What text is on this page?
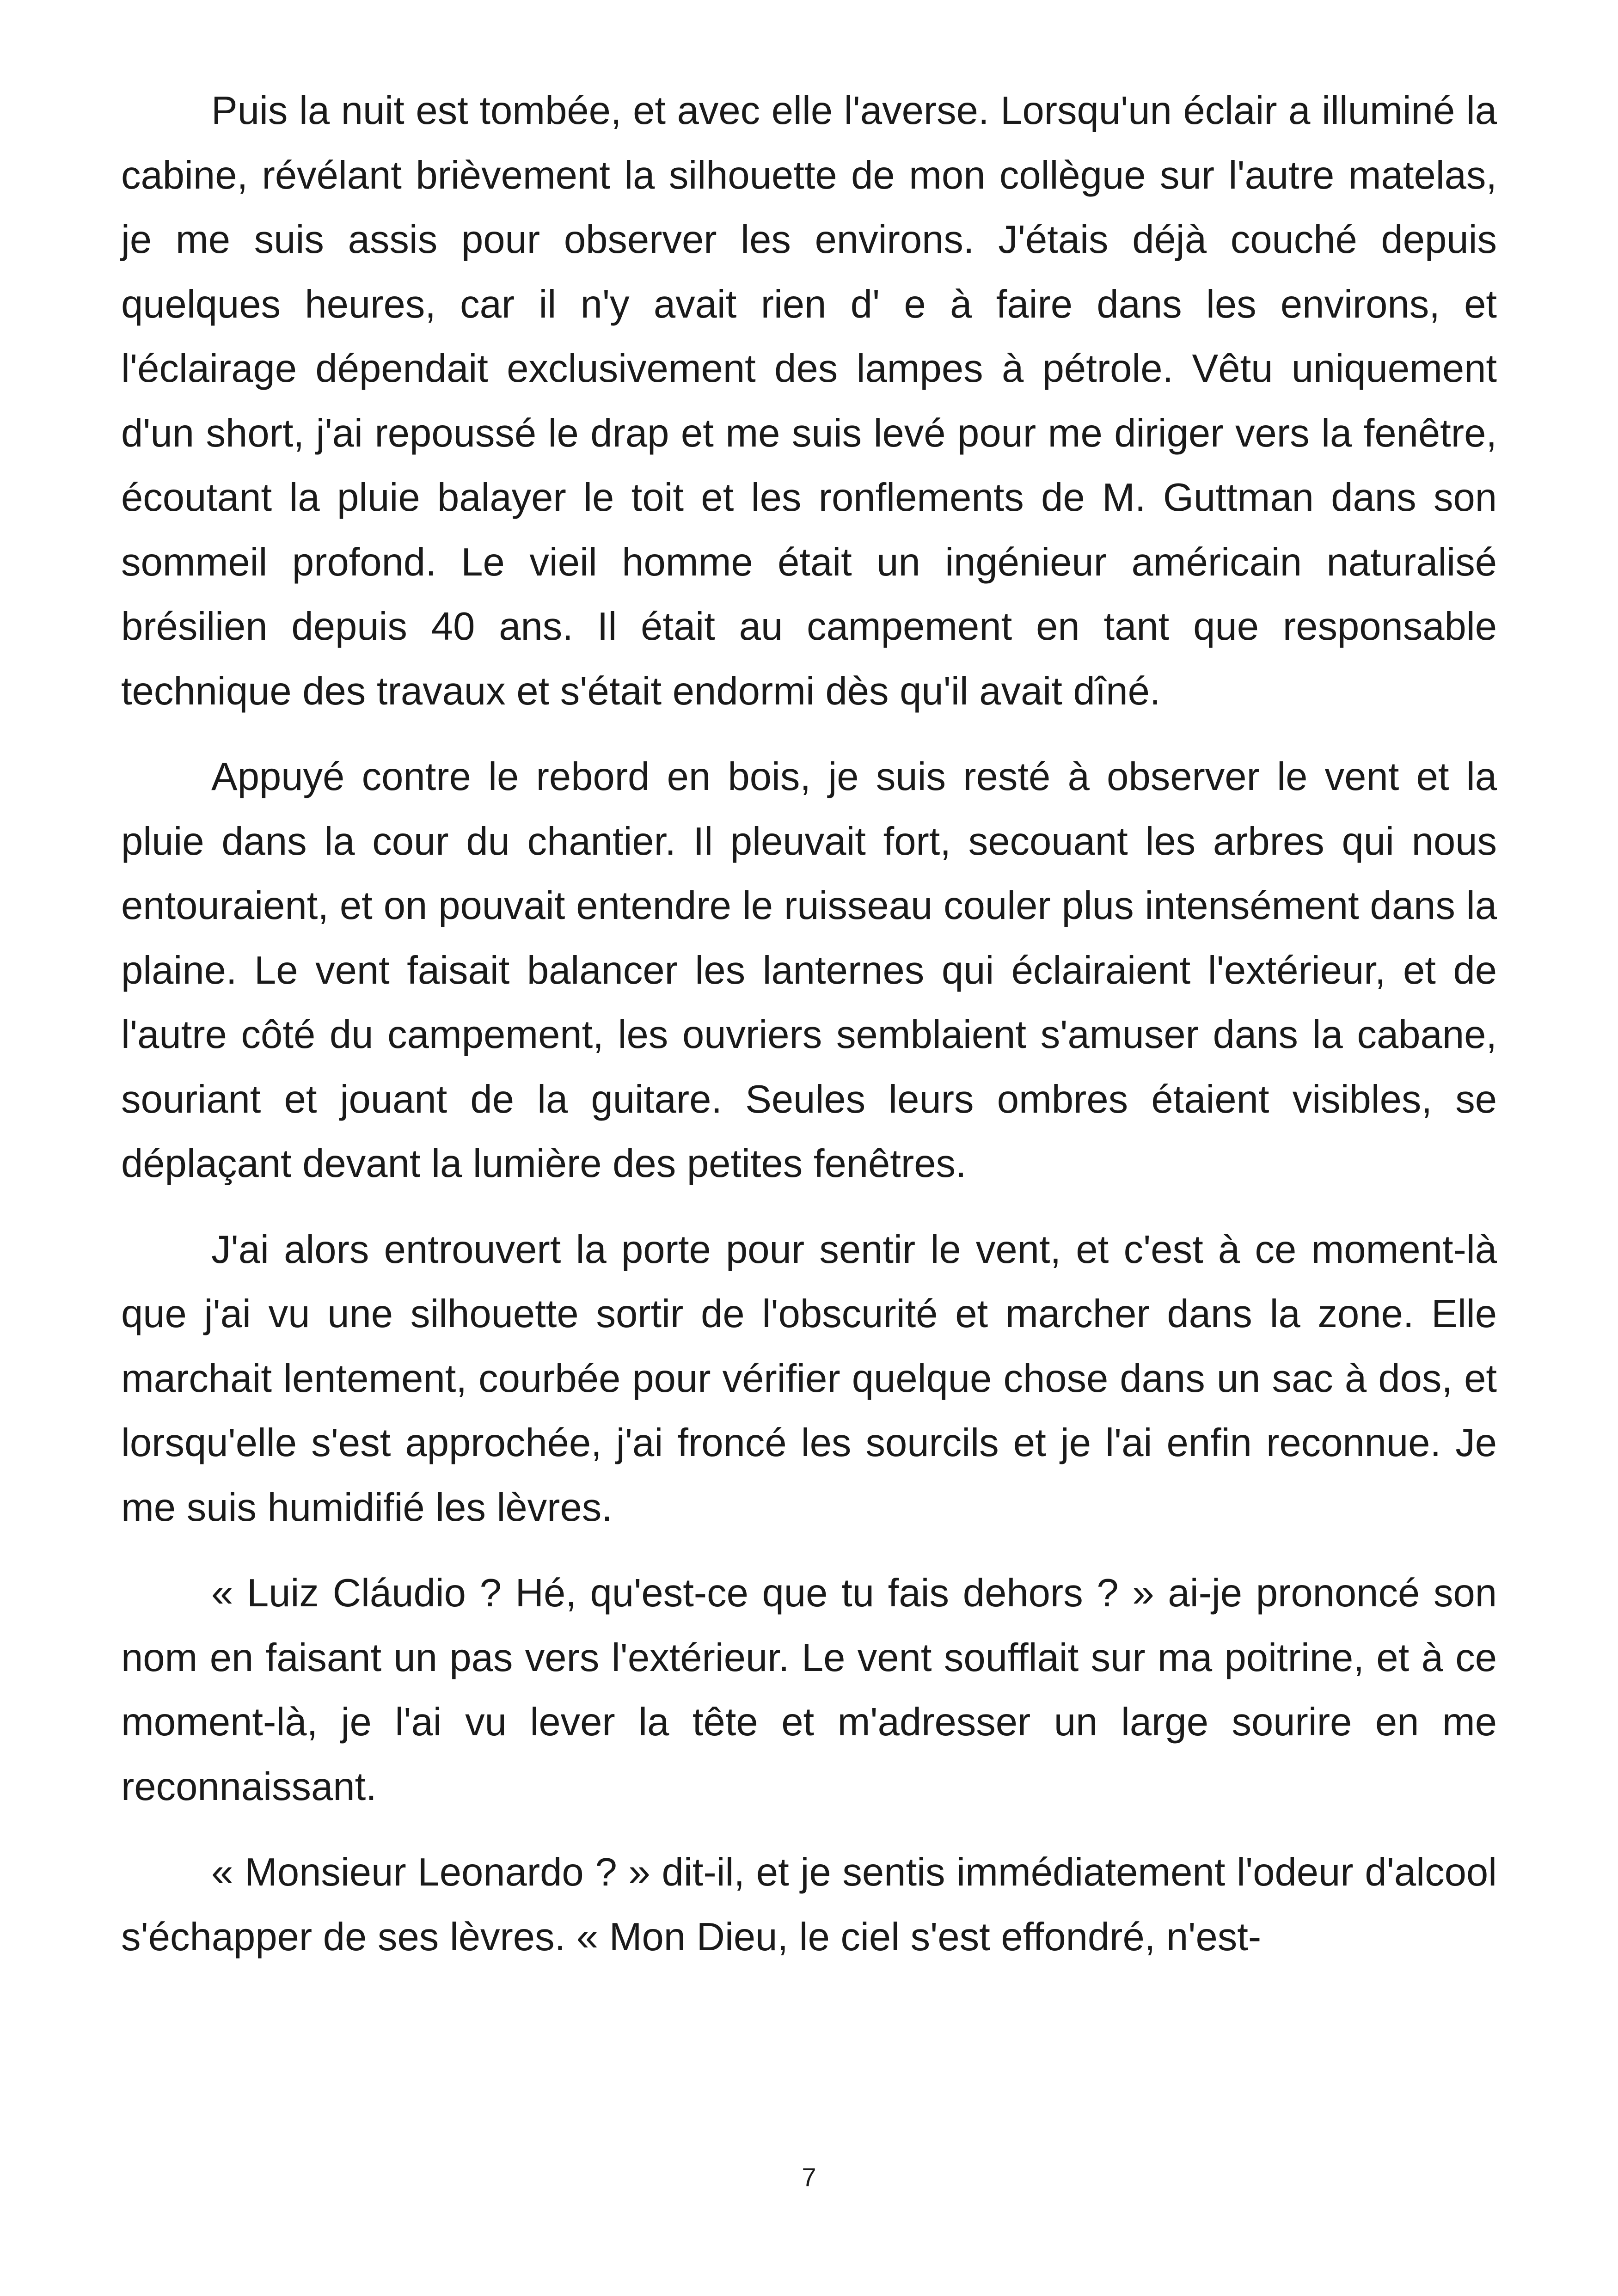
Puis la nuit est tombée, et avec elle l'averse. Lorsqu'un éclair a illuminé la cabine, révélant brièvement la silhouette de mon collègue sur l'autre matelas, je me suis assis pour observer les environs. J'étais déjà couché depuis quelques heures, car il n'y avait rien d' e à faire dans les environs, et l'éclairage dépendait exclusivement des lampes à pétrole. Vêtu uniquement d'un short, j'ai repoussé le drap et me suis levé pour me diriger vers la fenêtre, écoutant la pluie balayer le toit et les ronflements de M. Guttman dans son sommeil profond. Le vieil homme était un ingénieur américain naturalisé brésilien depuis 40 ans. Il était au campement en tant que responsable technique des travaux et s'était endormi dès qu'il avait dîné.

Appuyé contre le rebord en bois, je suis resté à observer le vent et la pluie dans la cour du chantier. Il pleuvait fort, secouant les arbres qui nous entouraient, et on pouvait entendre le ruisseau couler plus intensément dans la plaine. Le vent faisait balancer les lanternes qui éclairaient l'extérieur, et de l'autre côté du campement, les ouvriers semblaient s'amuser dans la cabane, souriant et jouant de la guitare. Seules leurs ombres étaient visibles, se déplaçant devant la lumière des petites fenêtres.

J'ai alors entrouvert la porte pour sentir le vent, et c'est à ce moment-là que j'ai vu une silhouette sortir de l'obscurité et marcher dans la zone. Elle marchait lentement, courbée pour vérifier quelque chose dans un sac à dos, et lorsqu'elle s'est approchée, j'ai froncé les sourcils et je l'ai enfin reconnue. Je me suis humidifié les lèvres.

« Luiz Cláudio ? Hé, qu'est-ce que tu fais dehors ? » ai-je prononcé son nom en faisant un pas vers l'extérieur. Le vent soufflait sur ma poitrine, et à ce moment-là, je l'ai vu lever la tête et m'adresser un large sourire en me reconnaissant.

« Monsieur Leonardo ? » dit-il, et je sentis immédiatement l'odeur d'alcool s'échapper de ses lèvres. « Mon Dieu, le ciel s'est effondré, n'est-

7
